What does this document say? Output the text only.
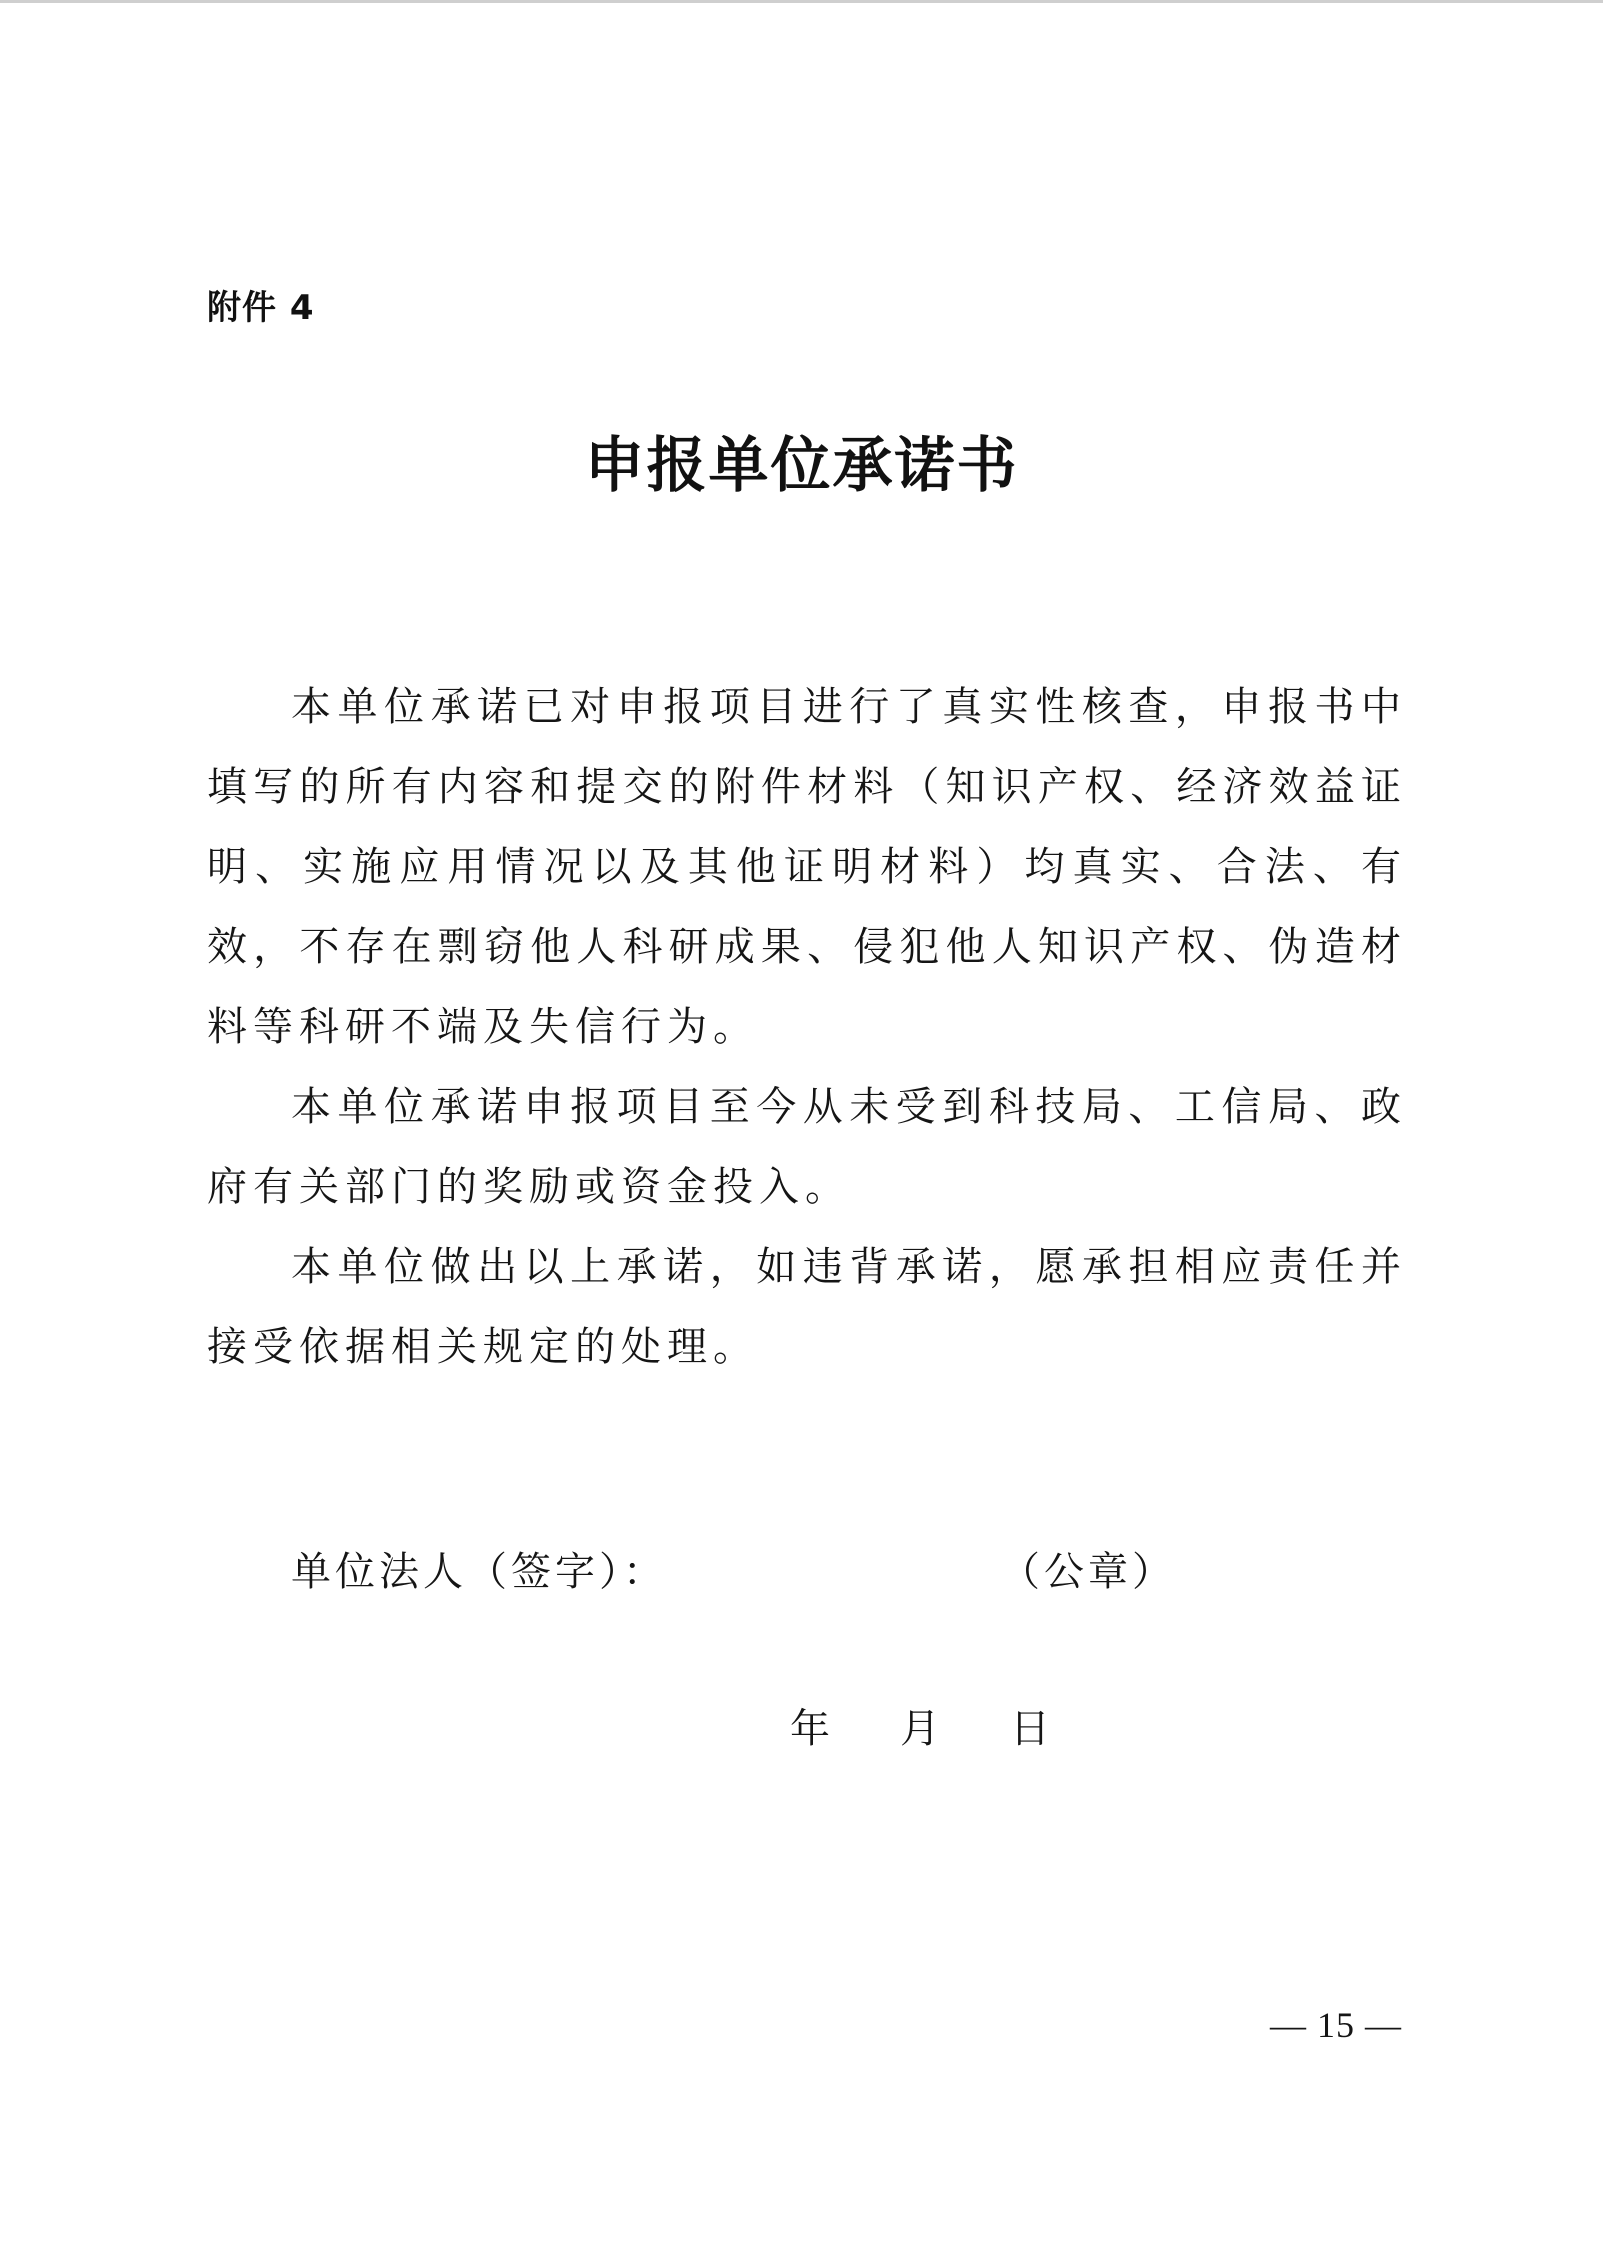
附件 4
申报单位承诺书

本单位承诺已对申报项目进行了真实性核查，申报书中填写的所有内容和提交的附件材料（知识产权、经济效益证明、实施应用情况以及其他证明材料）均真实、合法、有效，不存在剽窃他人科研成果、侵犯他人知识产权、伪造材料等科研不端及失信行为。

本单位承诺申报项目至今从未受到科技局、工信局、政府有关部门的奖励或资金投入。

本单位做出以上承诺，如违背承诺，愿承担相应责任并接受依据相关规定的处理。

单位法人（签字）：	（公章）
年 月 日
— 15 —
